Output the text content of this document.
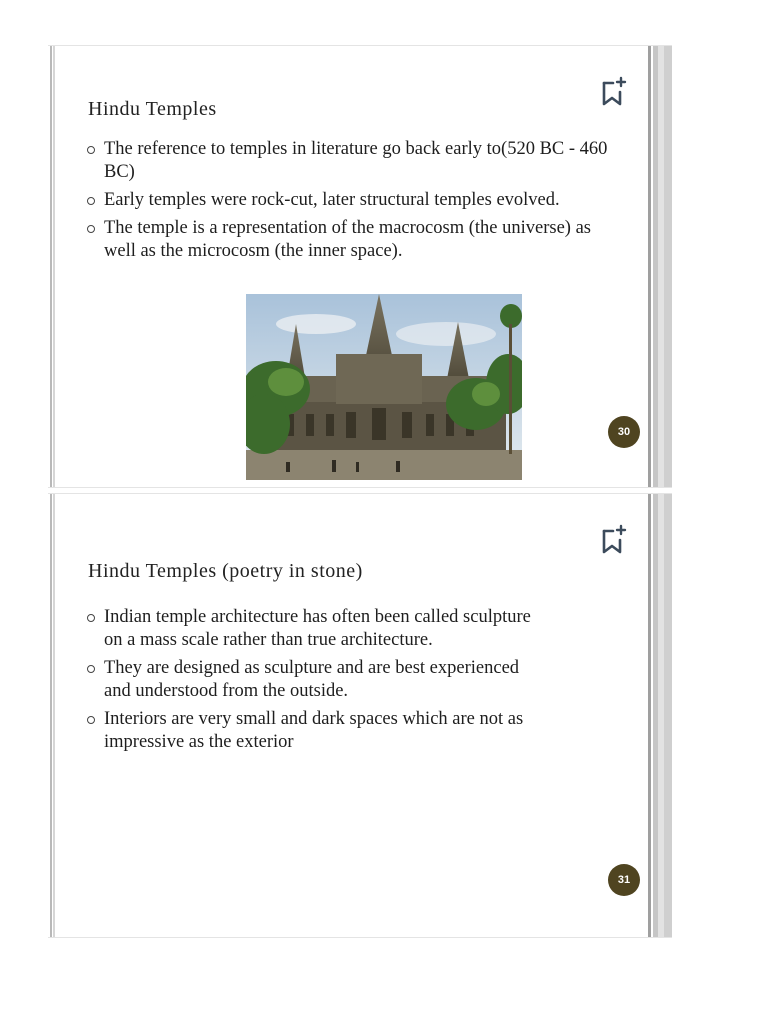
Hindu Temples
The reference to temples in literature go back early to(520 BC - 460 BC)
Early temples were rock-cut, later structural temples evolved.
The temple is a representation of the macrocosm (the universe) as well as the microcosm (the inner space).
30
Hindu Temples (poetry in stone)
Indian temple architecture has often been called sculpture on a mass scale rather than true architecture.
They are designed as sculpture and are best experienced and understood from the outside.
Interiors are very small and dark spaces which are not as impressive as the exterior
31
